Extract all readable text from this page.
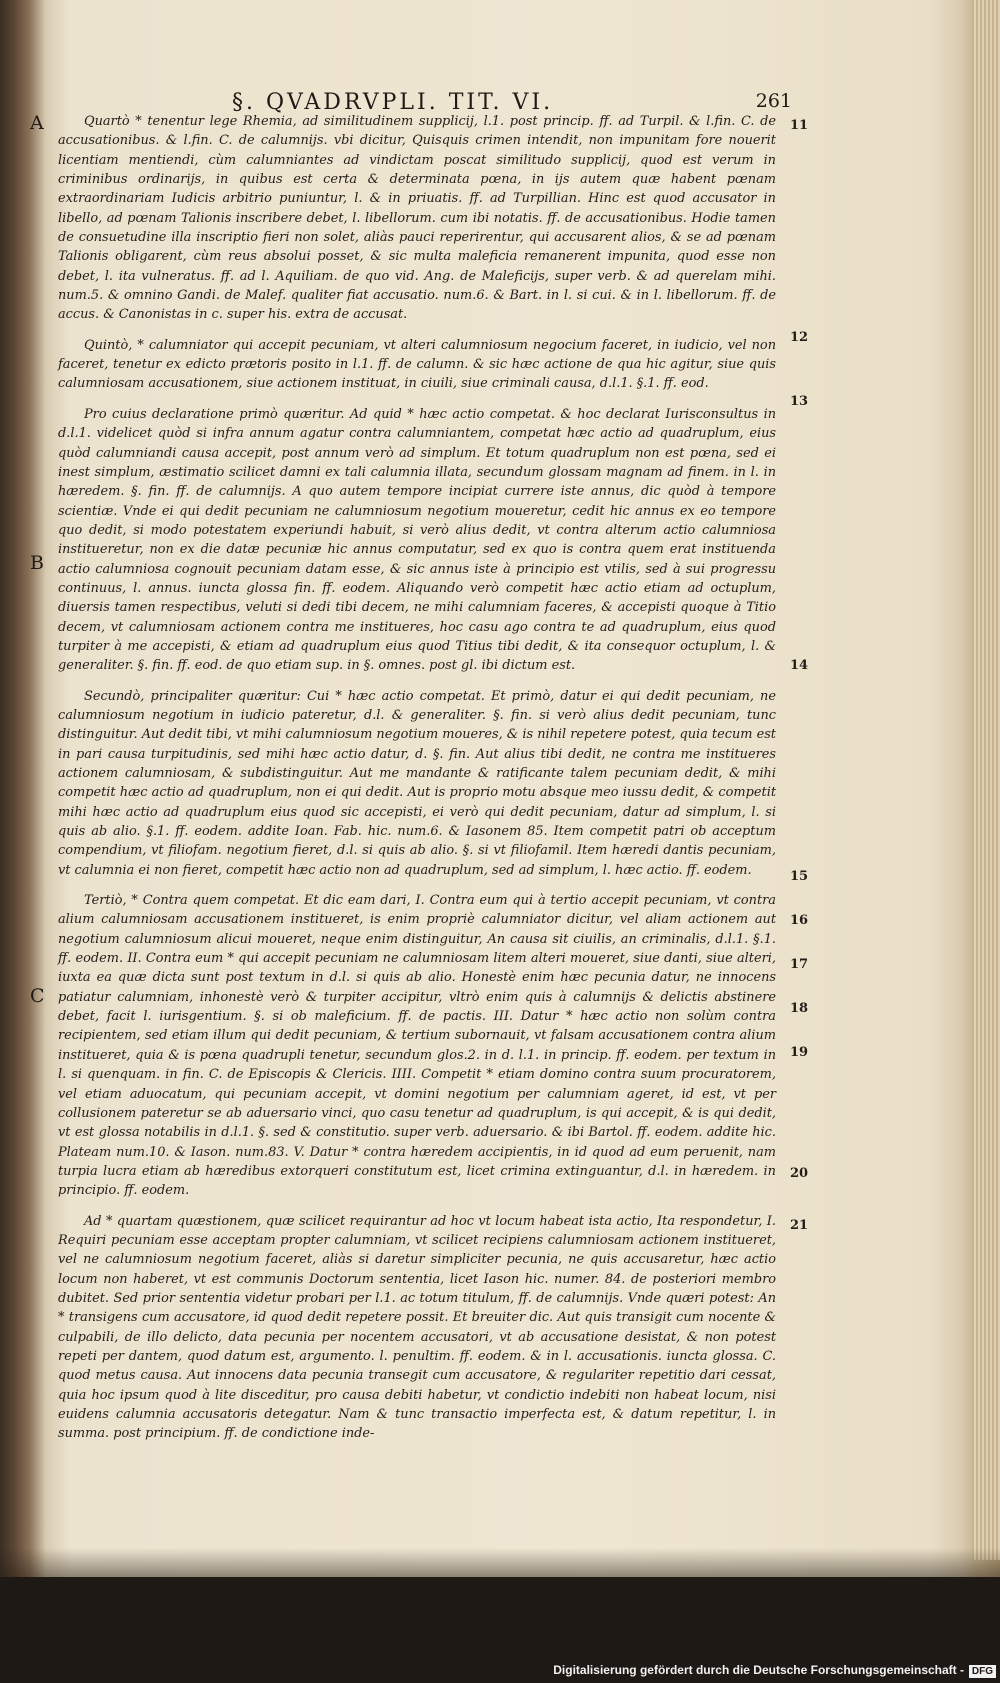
§. QVADRVPLI. TIT. VI.	261
A
B
C
Quartò * tenentur lege Rhemia, ad similitudinem supplicij, l.1. post princip. ff. ad Turpil. & l.fin. C. de accusationibus. & l.fin. C. de calumnijs. vbi dicitur, Quisquis crimen intendit, non impunitam fore nouerit licentiam mentiendi, cùm calumniantes ad vindictam poscat similitudo supplicij, quod est verum in criminibus ordinarijs, in quibus est certa & determinata pœna, in ijs autem quæ habent pœnam extraordinariam Iudicis arbitrio puniuntur, l. & in priuatis. ff. ad Turpillian. Hinc est quod accusator in libello, ad pœnam Talionis inscribere debet, l. libellorum. cum ibi notatis. ff. de accusationibus. Hodie tamen de consuetudine illa inscriptio fieri non solet, aliàs pauci reperirentur, qui accusarent alios, & se ad pœnam Talionis obligarent, cùm reus absolui posset, & sic multa maleficia remanerent impunita, quod esse non debet, l. ita vulneratus. ff. ad l. Aquiliam. de quo vid. Ang. de Maleficijs, super verb. & ad querelam mihi. num.5. & omnino Gandi. de Malef. qualiter fiat accusatio. num.6. & Bart. in l. si cui. & in l. libellorum. ff. de accus. & Canonistas in c. super his. extra de accusat.
Quintò, * calumniator qui accepit pecuniam, vt alteri calumniosum negocium faceret, in iudicio, vel non faceret, tenetur ex edicto prætoris posito in l.1. ff. de calumn. & sic hæc actione de qua hic agitur, siue quis calumniosam accusationem, siue actionem instituat, in ciuili, siue criminali causa, d.l.1. §.1. ff. eod.
Pro cuius declaratione primò quæritur. Ad quid * hæc actio competat. & hoc declarat Iurisconsultus in d.l.1. videlicet quòd si infra annum agatur contra calumniantem, competat hæc actio ad quadruplum, eius quòd calumniandi causa accepit, post annum verò ad simplum. Et totum quadruplum non est pœna, sed ei inest simplum, æstimatio scilicet damni ex tali calumnia illata, secundum glossam magnam ad finem. in l. in hæredem. §. fin. ff. de calumnijs. A quo autem tempore incipiat currere iste annus, dic quòd à tempore scientiæ. Vnde ei qui dedit pecuniam ne calumniosum negotium moueretur, cedit hic annus ex eo tempore quo dedit, si modo potestatem experiundi habuit, si verò alius dedit, vt contra alterum actio calumniosa institueretur, non ex die datæ pecuniæ hic annus computatur, sed ex quo is contra quem erat instituenda actio calumniosa cognouit pecuniam datam esse, & sic annus iste à principio est vtilis, sed à sui progressu continuus, l. annus. iuncta glossa fin. ff. eodem. Aliquando verò competit hæc actio etiam ad octuplum, diuersis tamen respectibus, veluti si dedi tibi decem, ne mihi calumniam faceres, & accepisti quoque à Titio decem, vt calumniosam actionem contra me institueres, hoc casu ago contra te ad quadruplum, eius quod turpiter à me accepisti, & etiam ad quadruplum eius quod Titius tibi dedit, & ita consequor octuplum, l. & generaliter. §. fin. ff. eod. de quo etiam sup. in §. omnes. post gl. ibi dictum est.
Secundò, principaliter quæritur: Cui * hæc actio competat. Et primò, datur ei qui dedit pecuniam, ne calumniosum negotium in iudicio pateretur, d.l. & generaliter. §. fin. si verò alius dedit pecuniam, tunc distinguitur. Aut dedit tibi, vt mihi calumniosum negotium moueres, & is nihil repetere potest, quia tecum est in pari causa turpitudinis, sed mihi hæc actio datur, d. §. fin. Aut alius tibi dedit, ne contra me institueres actionem calumniosam, & subdistinguitur. Aut me mandante & ratificante talem pecuniam dedit, & mihi competit hæc actio ad quadruplum, non ei qui dedit. Aut is proprio motu absque meo iussu dedit, & competit mihi hæc actio ad quadruplum eius quod sic accepisti, ei verò qui dedit pecuniam, datur ad simplum, l. si quis ab alio. §.1. ff. eodem. addite Ioan. Fab. hic. num.6. & Iasonem 85. Item competit patri ob acceptum compendium, vt filiofam. negotium fieret, d.l. si quis ab alio. §. si vt filiofamil. Item hæredi dantis pecuniam, vt calumnia ei non fieret, competit hæc actio non ad quadruplum, sed ad simplum, l. hæc actio. ff. eodem.
Tertiò, * Contra quem competat. Et dic eam dari, I. Contra eum qui à tertio accepit pecuniam, vt contra alium calumniosam accusationem institueret, is enim propriè calumniator dicitur, vel aliam actionem aut negotium calumniosum alicui moueret, neque enim distinguitur, An causa sit ciuilis, an criminalis, d.l.1. §.1. ff. eodem. II. Contra eum * qui accepit pecuniam ne calumniosam litem alteri moueret, siue danti, siue alteri, iuxta ea quæ dicta sunt post textum in d.l. si quis ab alio. Honestè enim hæc pecunia datur, ne innocens patiatur calumniam, inhonestè verò & turpiter accipitur, vltrò enim quis à calumnijs & delictis abstinere debet, facit l. iurisgentium. §. si ob maleficium. ff. de pactis. III. Datur * hæc actio non solùm contra recipientem, sed etiam illum qui dedit pecuniam, & tertium subornauit, vt falsam accusationem contra alium institueret, quia & is pœna quadrupli tenetur, secundum glos.2. in d. l.1. in princip. ff. eodem. per textum in l. si quenquam. in fin. C. de Episcopis & Clericis. IIII. Competit * etiam domino contra suum procuratorem, vel etiam aduocatum, qui pecuniam accepit, vt domini negotium per calumniam ageret, id est, vt per collusionem pateretur se ab aduersario vinci, quo casu tenetur ad quadruplum, is qui accepit, & is qui dedit, vt est glossa notabilis in d.l.1. §. sed & constitutio. super verb. aduersario. & ibi Bartol. ff. eodem. addite hic. Plateam num.10. & Iason. num.83. V. Datur * contra hæredem accipientis, in id quod ad eum peruenit, nam turpia lucra etiam ab hæredibus extorqueri constitutum est, licet crimina extinguantur, d.l. in hæredem. in principio. ff. eodem.
Ad * quartam quæstionem, quæ scilicet requirantur ad hoc vt locum habeat ista actio, Ita respondetur, I. Requiri pecuniam esse acceptam propter calumniam, vt scilicet recipiens calumniosam actionem institueret, vel ne calumniosum negotium faceret, aliàs si daretur simpliciter pecunia, ne quis accusaretur, hæc actio locum non haberet, vt est communis Doctorum sententia, licet Iason hic. numer. 84. de posteriori membro dubitet. Sed prior sententia videtur probari per l.1. ac totum titulum, ff. de calumnijs. Vnde quæri potest: An * transigens cum accusatore, id quod dedit repetere possit. Et breuiter dic. Aut quis transigit cum nocente & culpabili, de illo delicto, data pecunia per nocentem accusatori, vt ab accusatione desistat, & non potest repeti per dantem, quod datum est, argumento. l. penultim. ff. eodem. & in l. accusationis. iuncta glossa. C. quod metus causa. Aut innocens data pecunia transegit cum accusatore, & regulariter repetitio dari cessat, quia hoc ipsum quod à lite disceditur, pro causa debiti habetur, vt condictio indebiti non habeat locum, nisi euidens calumnia accusatoris detegatur. Nam & tunc transactio imperfecta est, & datum repetitur, l. in summa. post principium. ff. de condictione inde-
11
12
13
14
15 16 17 18 19
20 21
Digitalisierung gefördert durch die Deutsche Forschungsgemeinschaft - DFG
